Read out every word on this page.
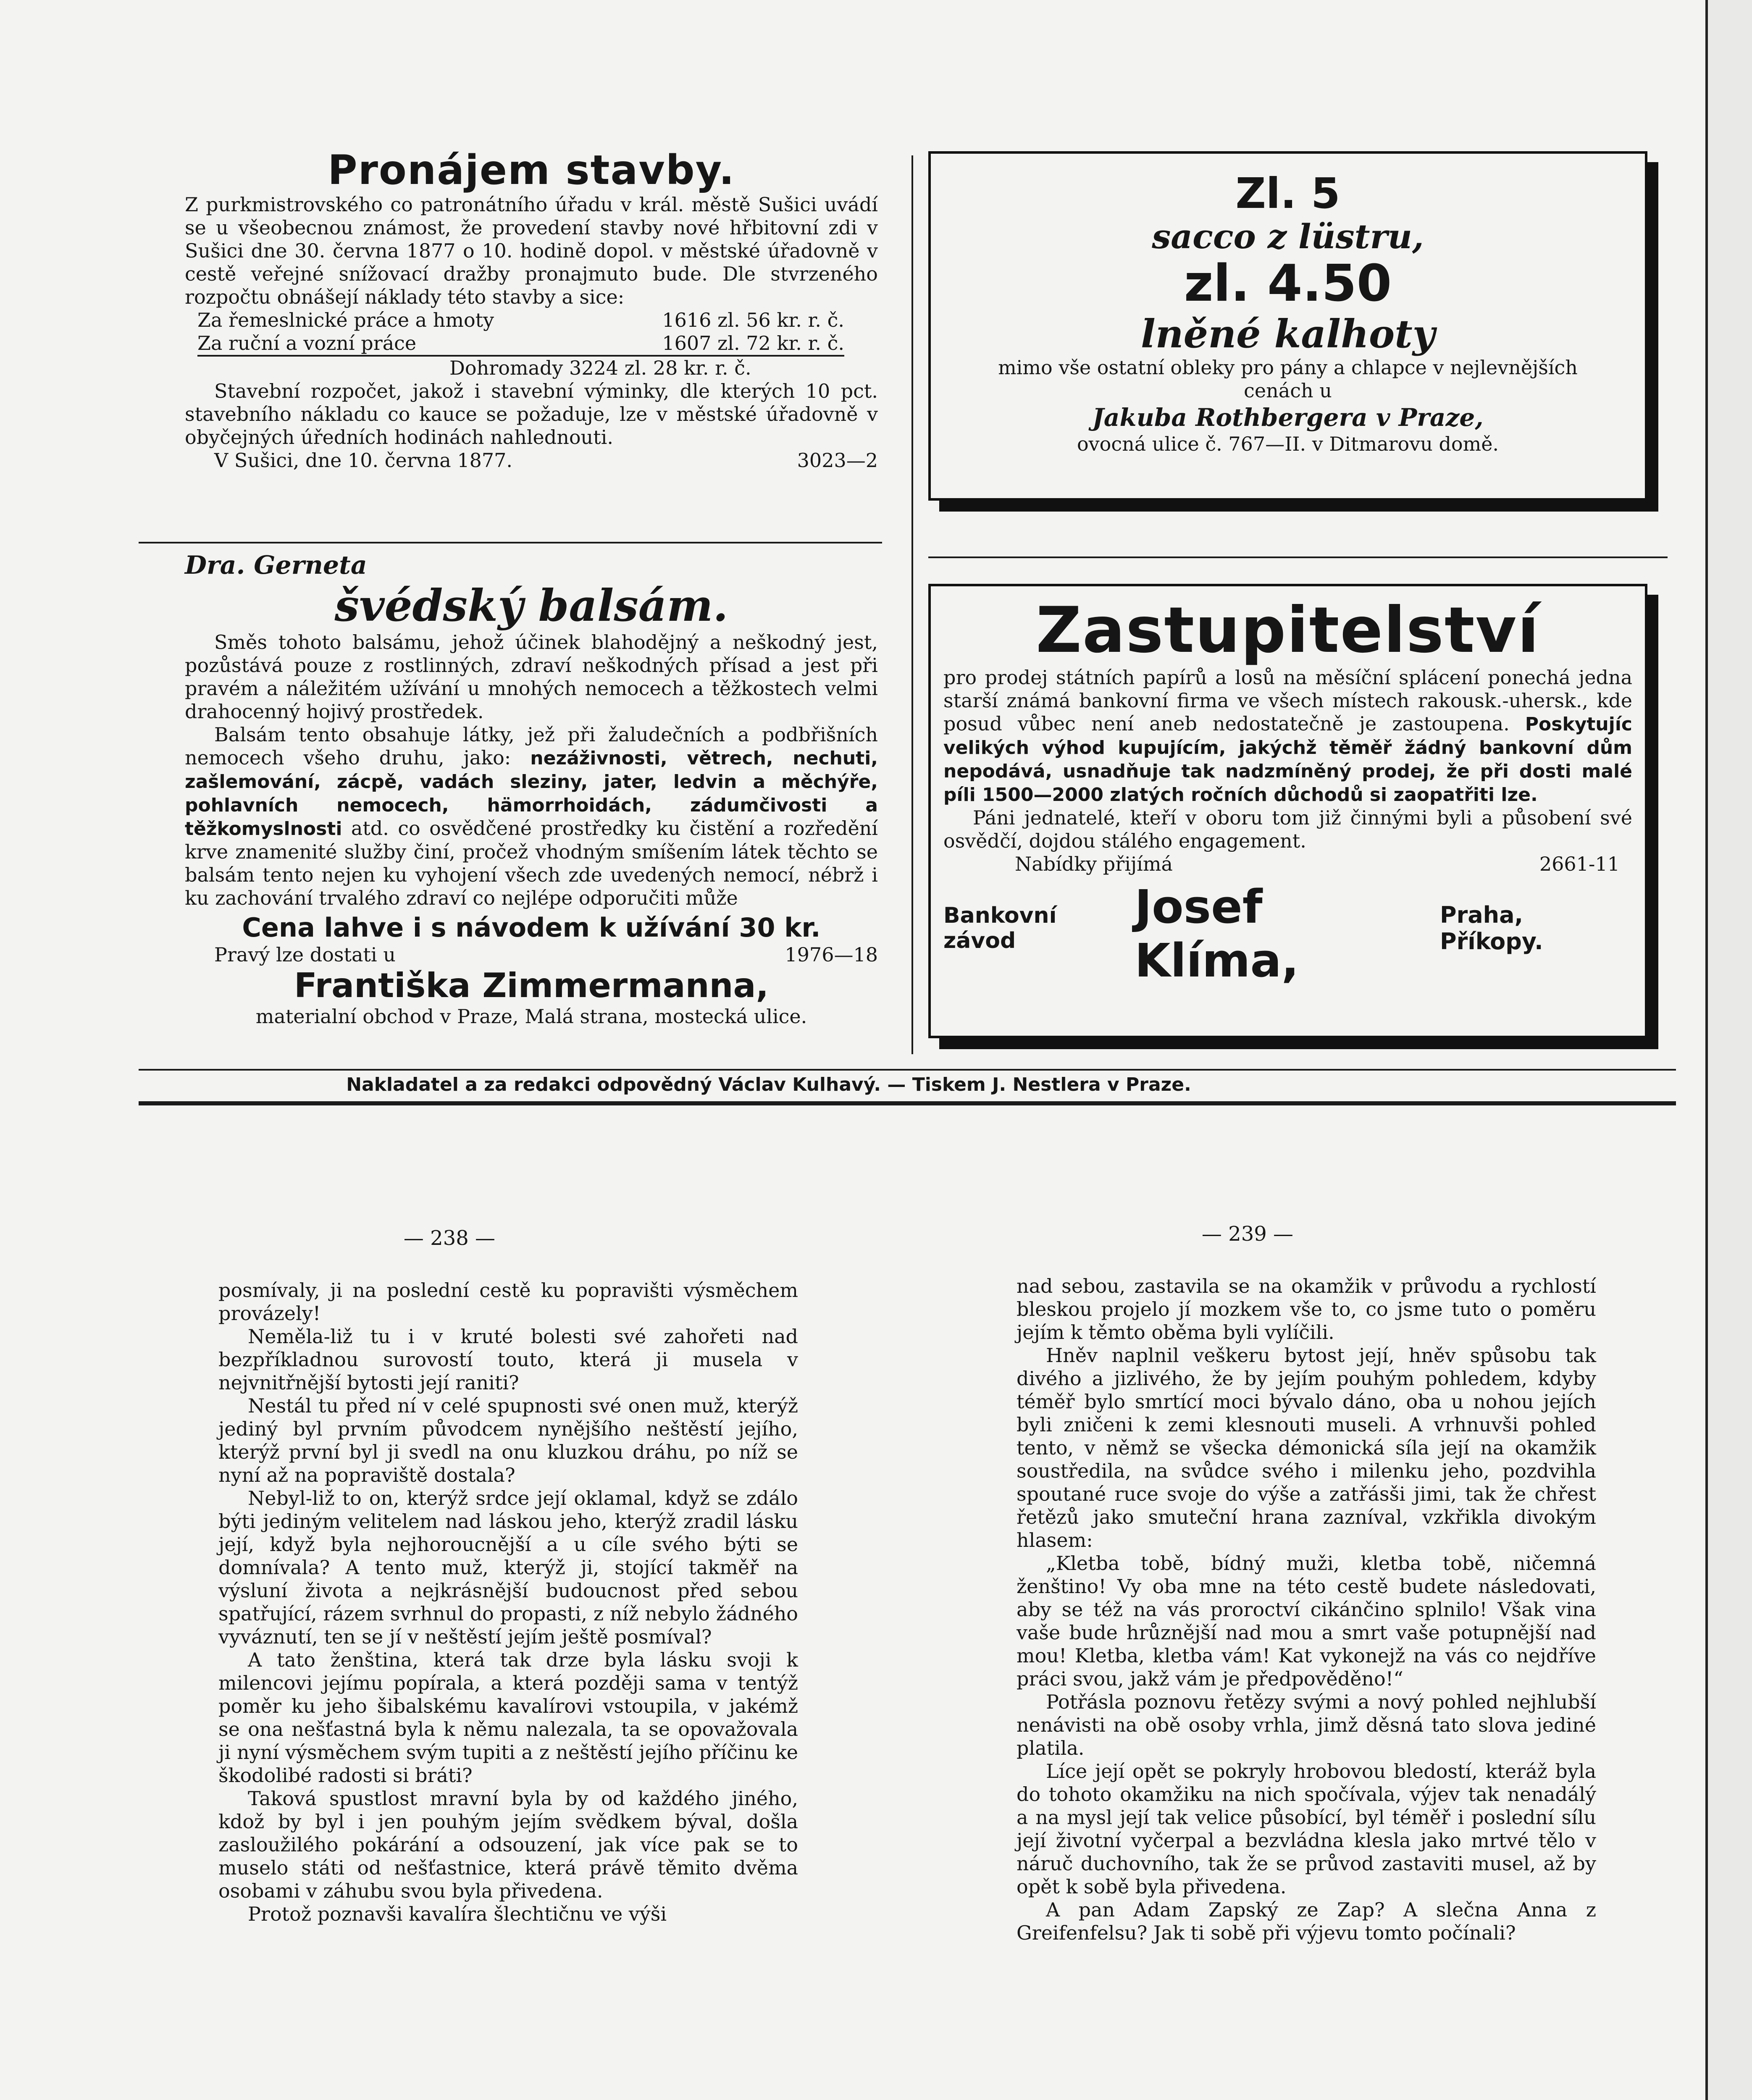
Pronájem stavby.

Z purkmistrovského co patronátního úřadu v král. městě Sušici uvádí se u všeobecnou známost, že provedení stavby nové hřbitovní zdi v Sušici dne 30. června 1877 o 10. hodině dopol. v městské úřadovně v cestě veřejné snížovací dražby pronajmuto bude. Dle stvrzeného rozpočtu obnášejí náklady této stavby a sice:

Za řemeslnické práce a hmoty	1616 zl. 56 kr. r. č.
Za ruční a vozní práce	1607 zl. 72 kr. r. č.
Dohromady 3224 zl. 28 kr. r. č.

Stavební rozpočet, jakož i stavební výminky, dle kterých 10 pct. stavebního nákladu co kauce se požaduje, lze v městské úřadovně v obyčejných úředních hodinách nahlednouti.

V Sušici, dne 10. června 1877.	3023—2
Dra. Gerneta
švédský balsám.

Směs tohoto balsámu, jehož účinek blahodějný a neškodný jest, pozůstává pouze z rostlinných, zdraví neškodných přísad a jest při pravém a náležitém užívání u mnohých nemocech a těžkostech velmi drahocenný hojivý prostředek.

Balsám tento obsahuje látky, jež při žaludečních a podbřišních nemocech všeho druhu, jako: nezáživnosti, větrech, nechuti, zašlemování, zácpě, vadách sleziny, jater, ledvin a měchýře, pohlavních nemocech, hämorrhoidách, zádumčivosti a těžkomyslnosti atd. co osvědčené prostředky ku čistění a rozředění krve znamenité služby činí, pročež vhodným smíšením látek těchto se balsám tento nejen ku vyhojení všech zde uvedených nemocí, nébrž i ku zachování trvalého zdraví co nejlépe odporučiti může

Cena lahve i s návodem k užívání 30 kr.
Pravý lze dostati u	1976—18
Františka Zimmermanna,
materialní obchod v Praze, Malá strana, mostecká ulice.
Zl. 5
sacco z lüstru,
zl. 4.50
lněné kalhoty

mimo vše ostatní obleky pro pány a chlapce v nejlevnějších cenách u

Jakuba Rothbergera v Praze,

ovocná ulice č. 767—II. v Ditmarovu domě.

Zastupitelství

pro prodej státních papírů a losů na měsíční splácení ponechá jedna starší známá bankovní firma ve všech místech rakousk.-uhersk., kde posud vůbec není aneb nedostatečně je zastoupena. Poskytujíc velikých výhod kupujícím, jakýchž těměř žádný bankovní dům nepodává, usnadňuje tak nadzmíněný prodej, že při dosti malé píli 1500—2000 zlatých ročních důchodů si zaopatřiti lze.

Páni jednatelé, kteří v oboru tom již činnými byli a působení své osvědčí, dojdou stálého engagement.

Nabídky přijímá	2661-11
Bankovní závod
Josef Klíma,
Praha, Příkopy.
Nakladatel a za redakci odpovědný Václav Kulhavý. — Tiskem J. Nestlera v Praze.
— 238 —

posmívaly, ji na poslední cestě ku popravišti výsměchem provázely!

Neměla-liž tu i v kruté bolesti své zahořeti nad bezpříkladnou surovostí touto, která ji musela v nejvnitřnější bytosti její raniti?

Nestál tu před ní v celé spupnosti své onen muž, kterýž jediný byl prvním původcem nynějšího neštěstí jejího, kterýž první byl ji svedl na onu kluzkou dráhu, po níž se nyní až na popraviště dostala?

Nebyl-liž to on, kterýž srdce její oklamal, když se zdálo býti jediným velitelem nad láskou jeho, kterýž zradil lásku její, když byla nejhoroucnější a u cíle svého býti se domnívala? A tento muž, kterýž ji, stojící takměř na výsluní života a nejkrásnější budoucnost před sebou spatřující, rázem svrhnul do propasti, z níž nebylo žádného vyváznutí, ten se jí v neštěstí jejím ještě posmíval?

A tato ženština, která tak drze byla lásku svoji k milencovi jejímu popírala, a která později sama v tentýž poměr ku jeho šibalskému kavalírovi vstoupila, v jakémž se ona nešťastná byla k němu nalezala, ta se opovažovala ji nyní výsměchem svým tupiti a z neštěstí jejího příčinu ke škodolibé radosti si bráti?

Taková spustlost mravní byla by od každého jiného, kdož by byl i jen pouhým jejím svědkem býval, došla zasloužilého pokárání a odsouzení, jak více pak se to muselo státi od nešťastnice, která právě těmito dvěma osobami v záhubu svou byla přivedena.

Protož poznavši kavalíra šlechtičnu ve výši

— 239 —

nad sebou, zastavila se na okamžik v průvodu a rychlostí bleskou projelo jí mozkem vše to, co jsme tuto o poměru jejím k těmto oběma byli vylíčili.

Hněv naplnil veškeru bytost její, hněv spůsobu tak divého a jizlivého, že by jejím pouhým pohledem, kdyby téměř bylo smrtící moci bývalo dáno, oba u nohou jejích byli zničeni k zemi klesnouti museli. A vrhnuvši pohled tento, v němž se všecka démonická síla její na okamžik soustředila, na svůdce svého i milenku jeho, pozdvihla spoutané ruce svoje do výše a zatřásši jimi, tak že chřest řetězů jako smuteční hrana zazníval, vzkřikla divokým hlasem:

„Kletba tobě, bídný muži, kletba tobě, ničemná ženštino! Vy oba mne na této cestě budete následovati, aby se též na vás proroctví cikánčino splnilo! Však vina vaše bude hrůznější nad mou a smrt vaše potupnější nad mou! Kletba, kletba vám! Kat vykonejž na vás co nejdříve práci svou, jakž vám je předpověděno!“

Potřásla poznovu řetězy svými a nový pohled nejhlubší nenávisti na obě osoby vrhla, jimž děsná tato slova jediné platila.

Líce její opět se pokryly hrobovou bledostí, kteráž byla do tohoto okamžiku na nich spočívala, výjev tak nenadálý a na mysl její tak velice působící, byl téměř i poslední sílu její životní vyčerpal a bezvládna klesla jako mrtvé tělo v náruč duchovního, tak že se průvod zastaviti musel, až by opět k sobě byla přivedena.

A pan Adam Zapský ze Zap? A slečna Anna z Greifenfelsu? Jak ti sobě při výjevu tomto počínali?
